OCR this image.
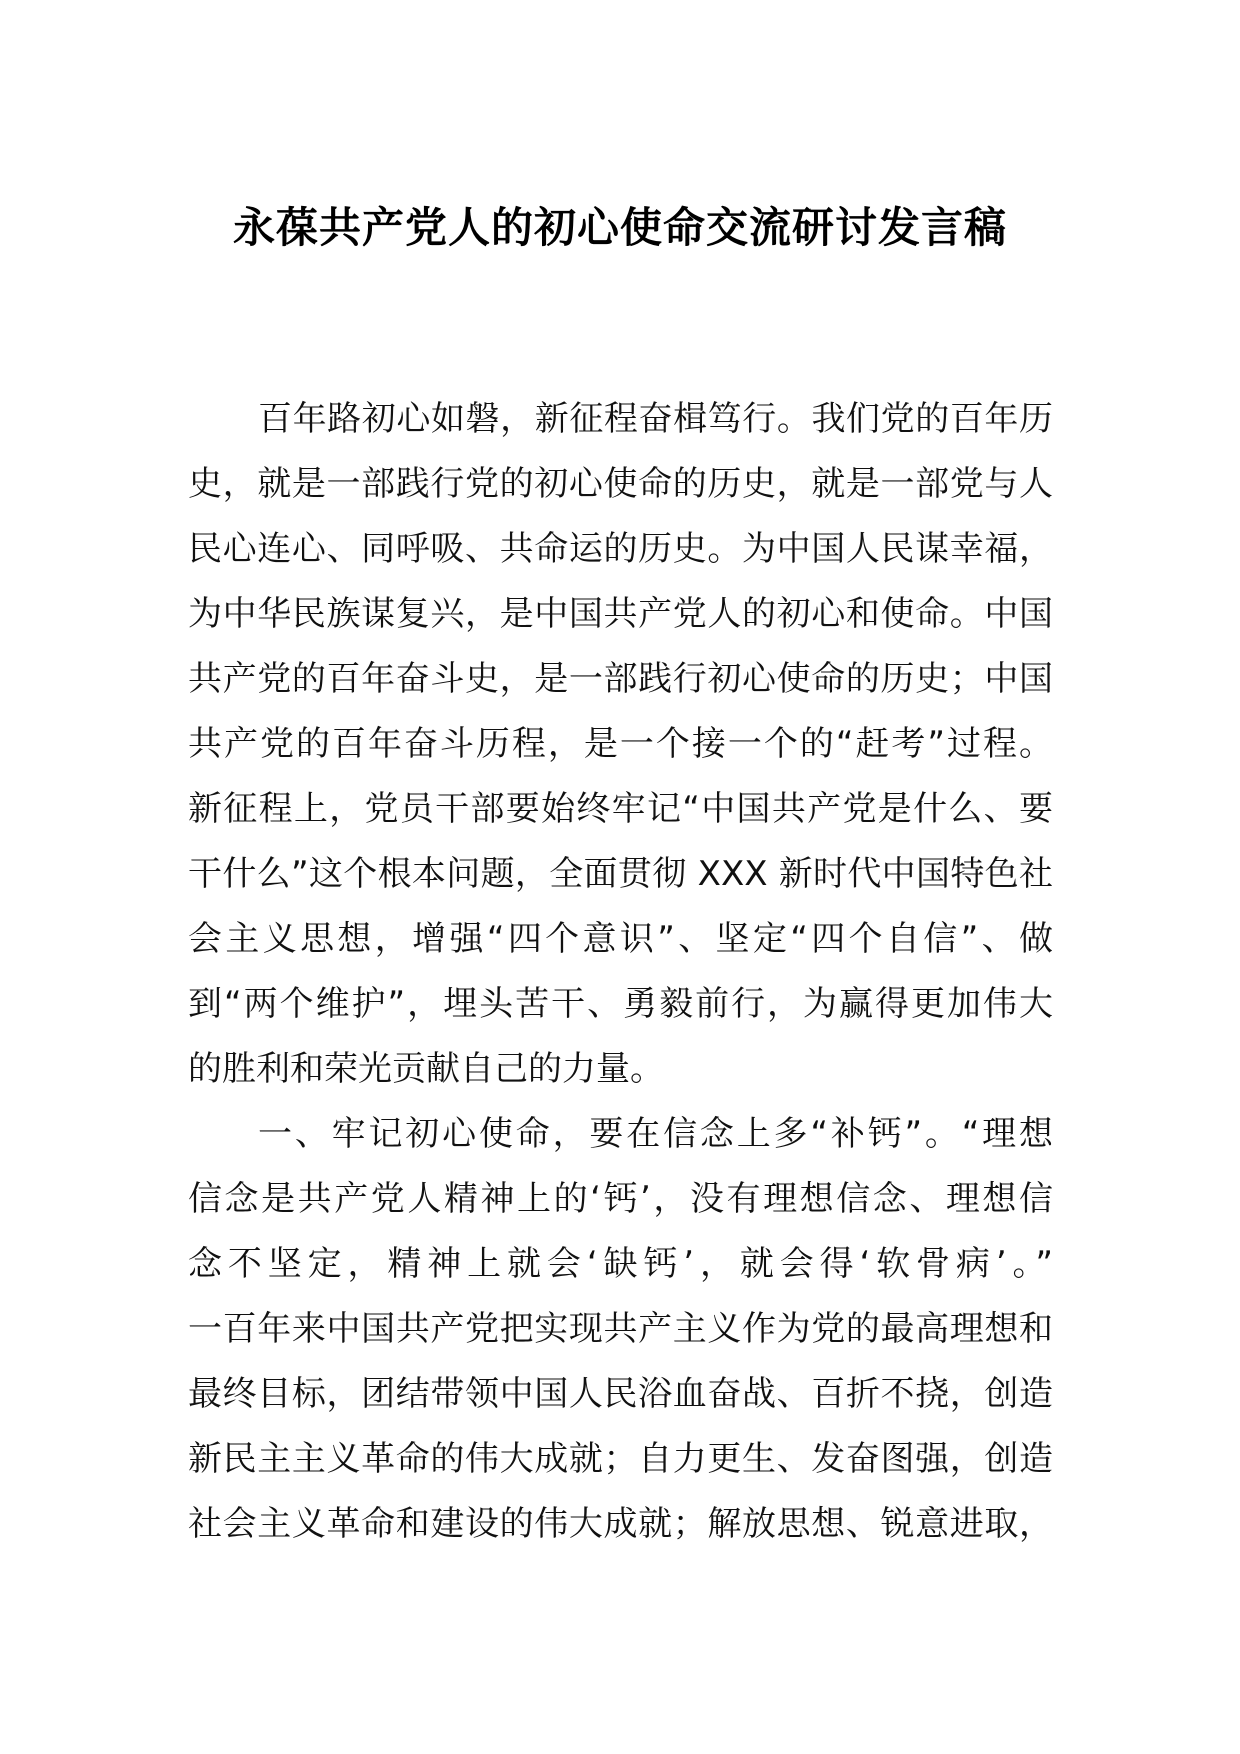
永葆共产党人的初心使命交流研讨发言稿
百年路初心如磐，新征程奋楫笃行。我们党的百年历
史，就是一部践行党的初心使命的历史，就是一部党与人
民心连心、同呼吸、共命运的历史。为中国人民谋幸福，
为中华民族谋复兴，是中国共产党人的初心和使命。中国
共产党的百年奋斗史，是一部践行初心使命的历史；中国
共产党的百年奋斗历程，是一个接一个的“赶考”过程。
新征程上，党员干部要始终牢记“中国共产党是什么、要
干什么”这个根本问题，全面贯彻 XXX 新时代中国特色社
会主义思想，增强“四个意识”、坚定“四个自信”、做
到“两个维护”，埋头苦干、勇毅前行，为赢得更加伟大
的胜利和荣光贡献自己的力量。
一、牢记初心使命，要在信念上多“补钙”。“理想
信念是共产党人精神上的‘钙’，没有理想信念、理想信
念不坚定，精神上就会‘缺钙’，就会得‘软骨病’。”
一百年来中国共产党把实现共产主义作为党的最高理想和
最终目标，团结带领中国人民浴血奋战、百折不挠，创造
新民主主义革命的伟大成就；自力更生、发奋图强，创造
社会主义革命和建设的伟大成就；解放思想、锐意进取，
